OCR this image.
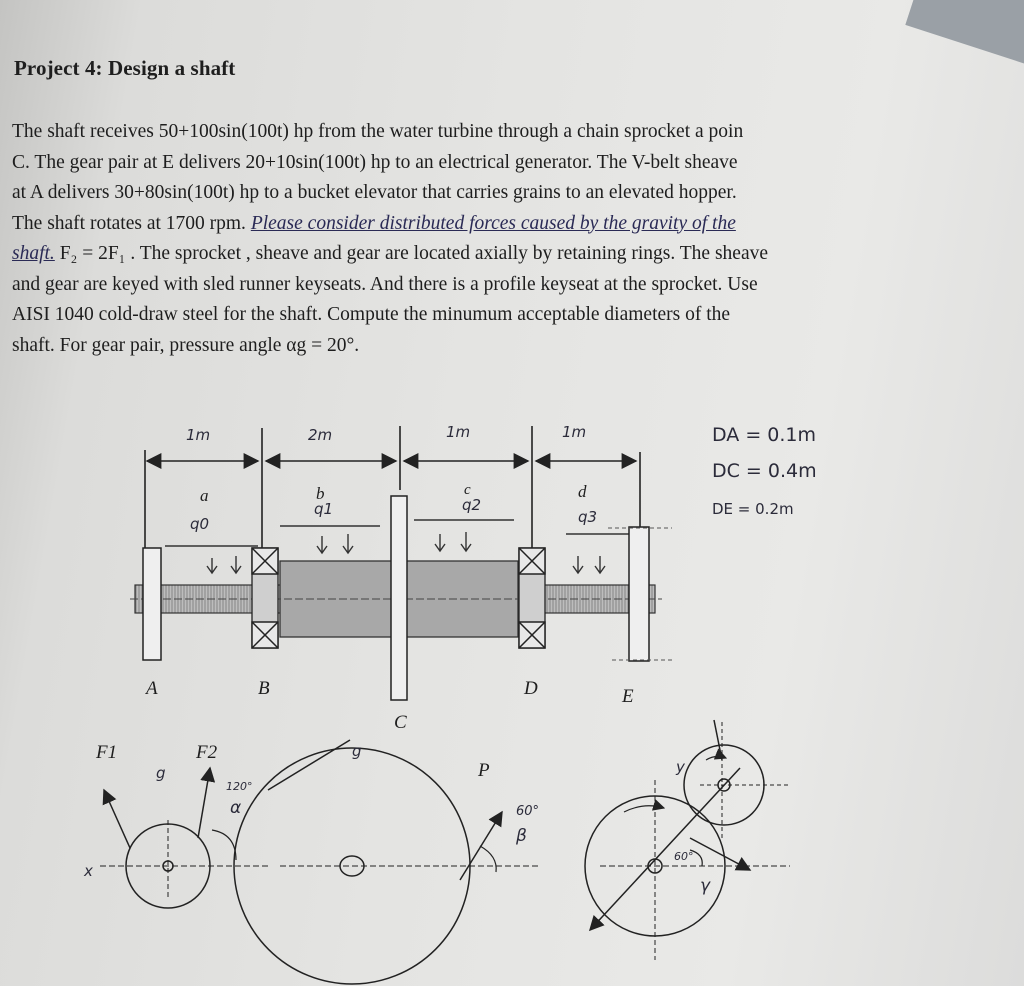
Project 4: Design a shaft
The shaft receives 50+100sin(100t) hp from the water turbine through a chain sprocket a poin
C. The gear pair at E delivers 20+10sin(100t) hp to an electrical generator. The V-belt sheave
at A delivers 30+80sin(100t) hp to a bucket elevator that carries grains to an elevated hopper.
The shaft rotates at 1700 rpm. Please consider distributed forces caused by the gravity of the
shaft. F₂ = 2F₁ . The sprocket , sheave and gear are located axially by retaining rings. The sheave
and gear are keyed with sled runner keyseats. And there is a profile keyseat at the sprocket. Use
AISI 1040 cold-draw steel for the shaft. Compute the minumum acceptable diameters of the
shaft. For gear pair, pressure angle αg = 20°.
1m	2m	1m	1m
a	b	c	d
q0
q1	q2
q3
A	B
C
D	E
DA = 0.1m
DC = 0.4m
DE = 0.2m
F1	F2
P
g
g
y
x
120°
α	60°
β
60°
γ
